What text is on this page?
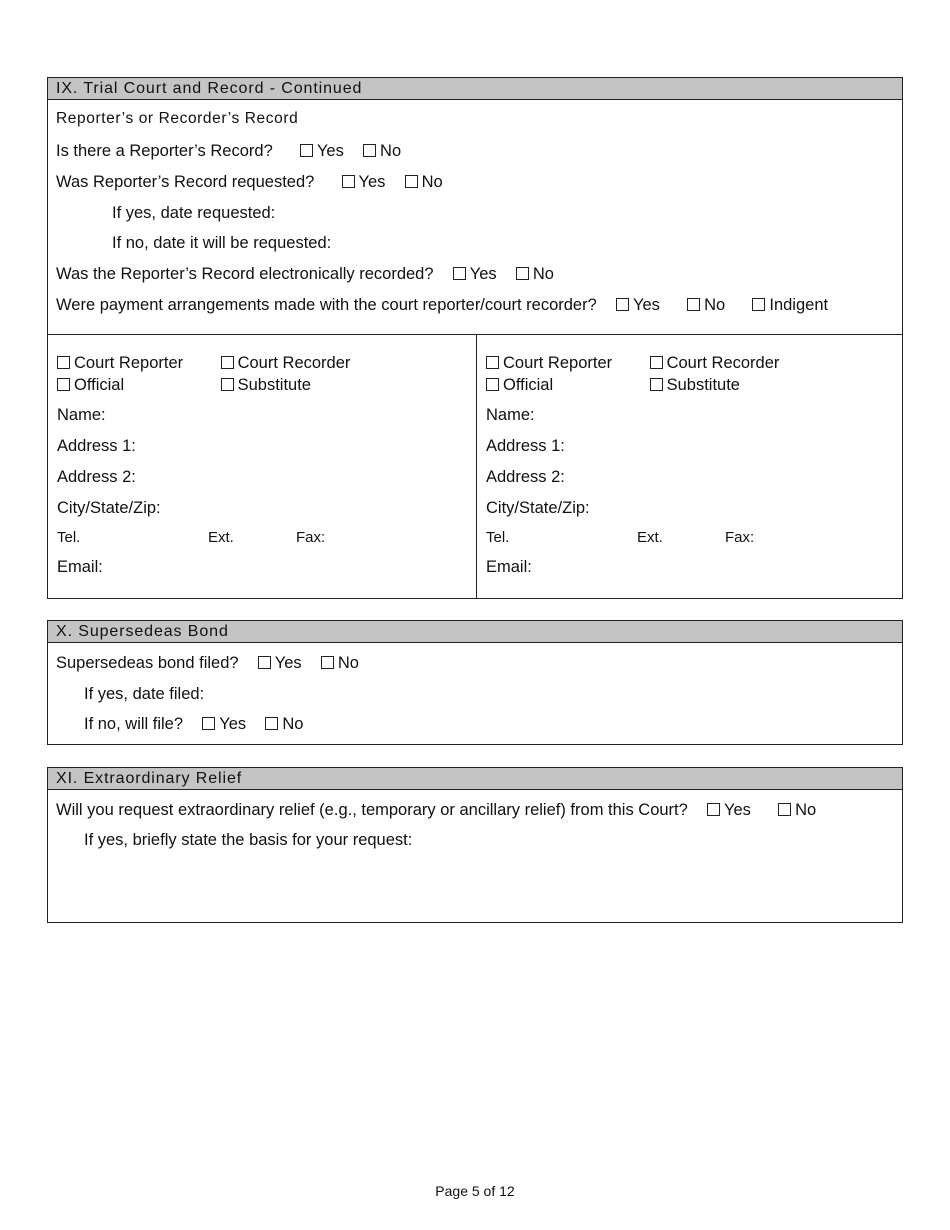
IX. Trial Court and Record - Continued
Reporter’s or Recorder’s Record
Is there a Reporter’s Record?	Yes No
Was Reporter’s Record requested?	Yes No
If yes, date requested:
If no, date it will be requested:
Was the Reporter’s Record electronically recorded? Yes No
Were payment arrangements made with the court reporter/court recorder? Yes	No	Indigent
Court Reporter	Court Recorder
Official	Substitute
Name:
Address 1:
Address 2:
City/State/Zip:
Tel.	Ext.	Fax:
Email:
Court Reporter	Court Recorder
Official	Substitute
Name:
Address 1:
Address 2:
City/State/Zip:
Tel.	Ext.	Fax:
Email:
X. Supersedeas Bond
Supersedeas bond filed? Yes No
If yes, date filed:
If no, will file? Yes No
XI. Extraordinary Relief
Will you request extraordinary relief (e.g., temporary or ancillary relief) from this Court? Yes	No
If yes, briefly state the basis for your request:
Page 5 of 12
